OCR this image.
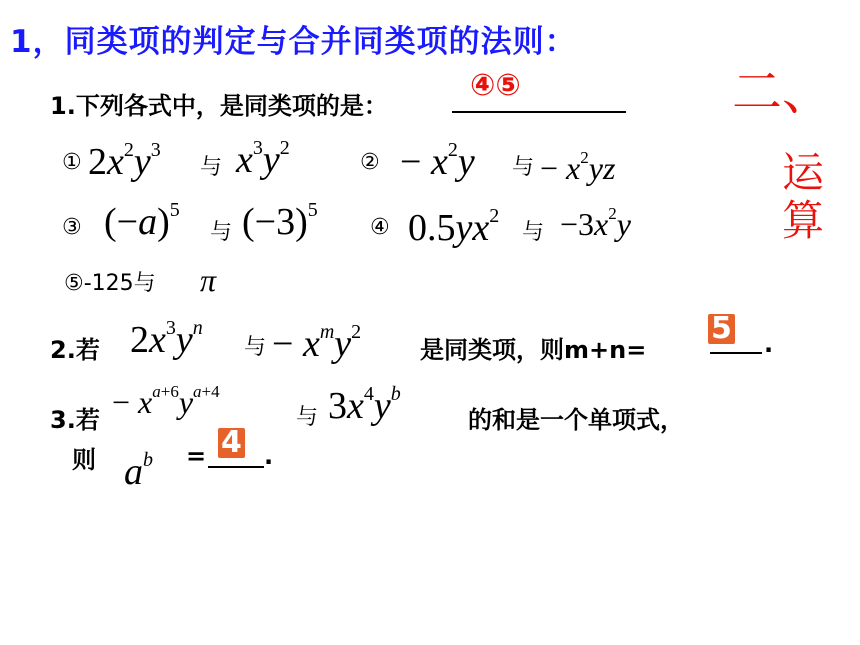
1，同类项的判定与合并同类项的法则：
二、
运
算
1.下列各式中，是同类项的是：
④⑤
① $2x^2y^3$
与 $x^3y^2$
② − $x^2y$ 与 − $x^2yz$
③ $(-a)^5$
与 $(-3)^5$
④ $0.5yx^2$
与 $-3x^2y$
⑤-125与 π
2.若 $2x^3y^n$
与 − $x^my^2$
是同类项，则m+n=
5 .
3.若 − $x^{a+6}y^{a+4}$
与 $3x^4y^b$
的和是一个单项式，
则 $a^b = 4$ .
